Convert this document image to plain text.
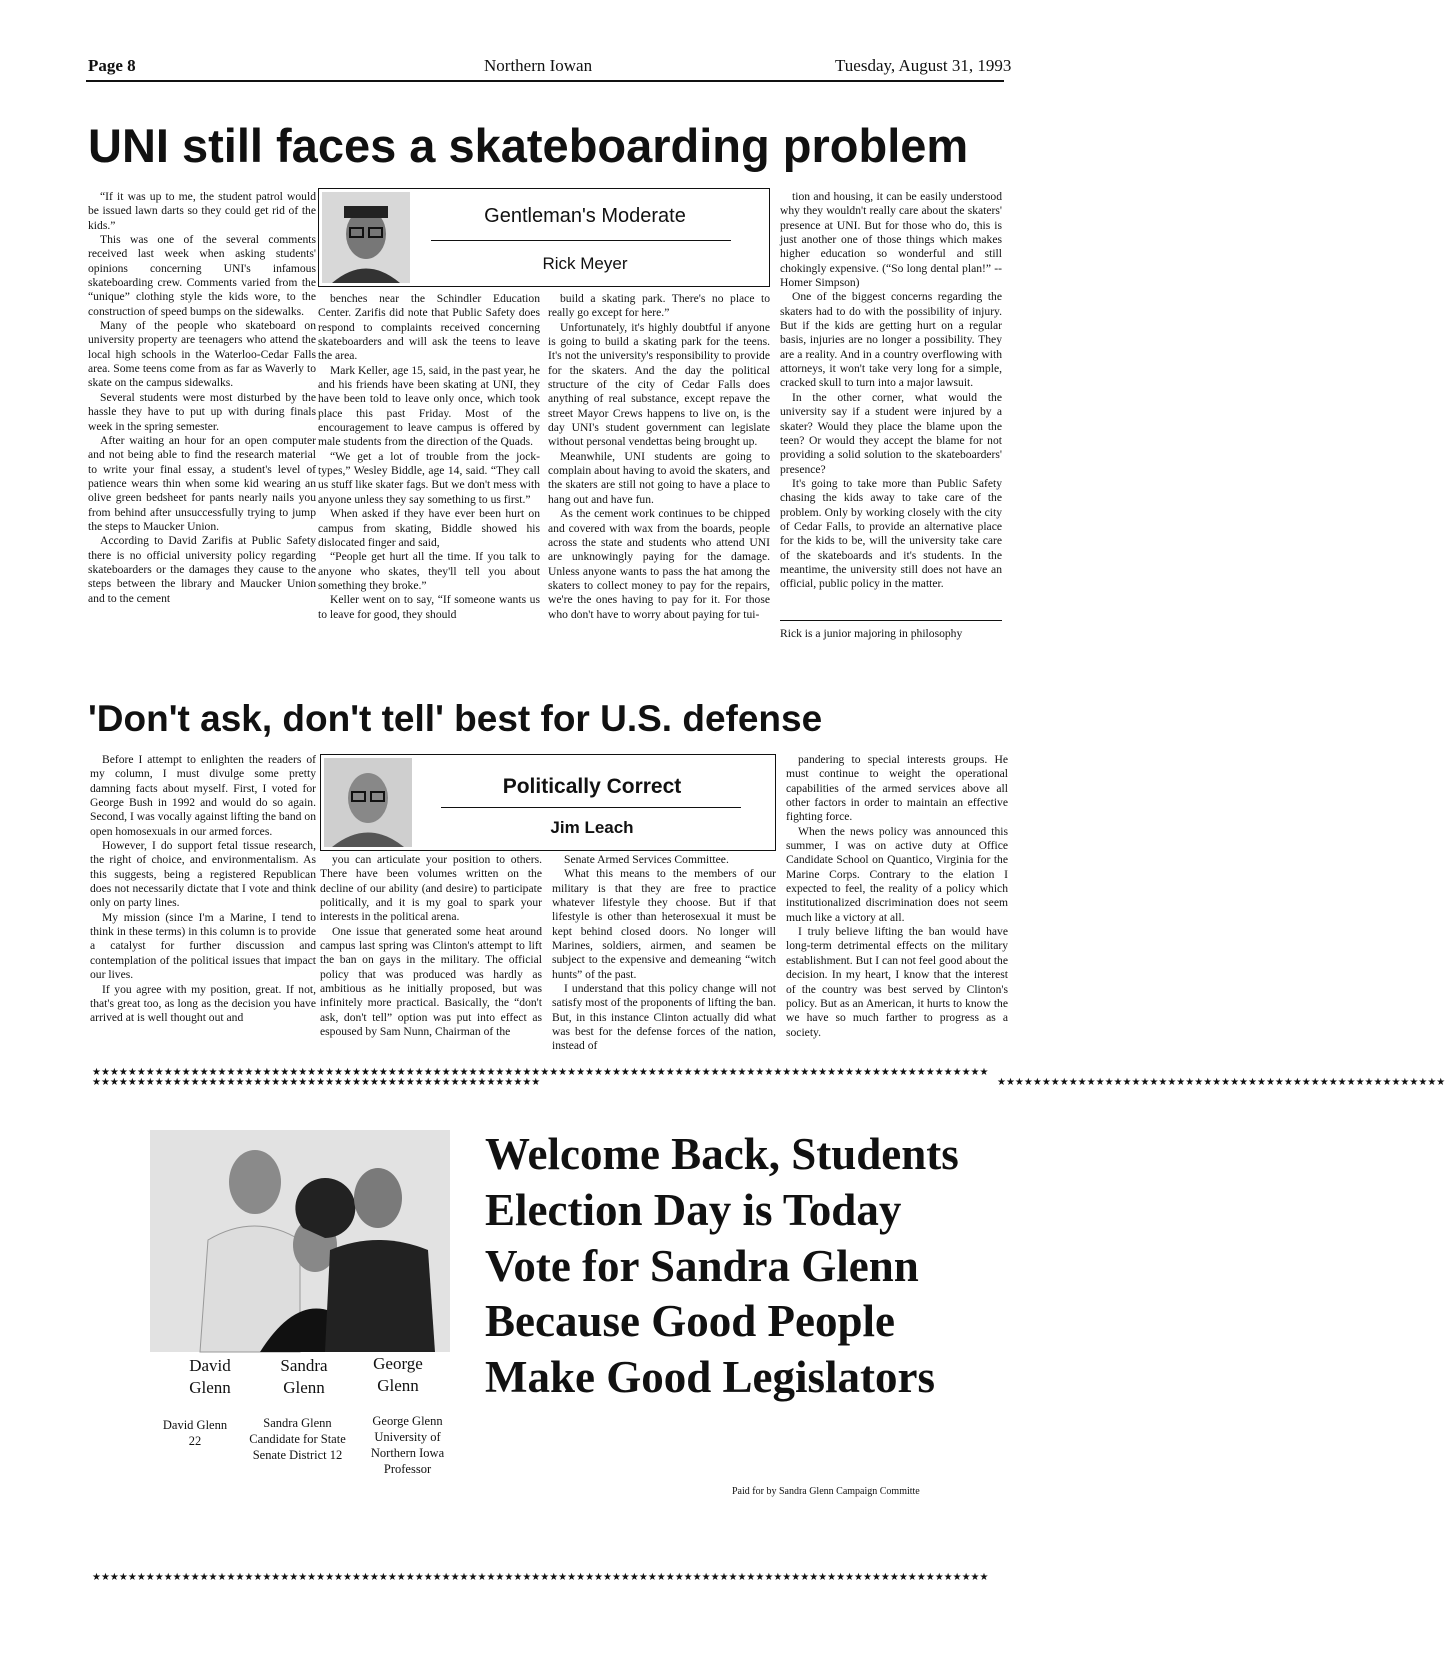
Page 8	Northern Iowan	Tuesday, August 31, 1993
UNI still faces a skateboarding problem

“If it was up to me, the student patrol would be issued lawn darts so they could get rid of the kids.”

This was one of the several comments received last week when asking students' opinions concerning UNI's infamous skateboarding crew. Comments varied from the “unique” clothing style the kids wore, to the construction of speed bumps on the sidewalks.

Many of the people who skateboard on university property are teenagers who attend the local high schools in the Waterloo-Cedar Falls area. Some teens come from as far as Waverly to skate on the campus sidewalks.

Several students were most disturbed by the hassle they have to put up with during finals week in the spring semester.

After waiting an hour for an open computer and not being able to find the research material to write your final essay, a student's level of patience wears thin when some kid wearing an olive green bedsheet for pants nearly nails you from behind after unsuccessfully trying to jump the steps to Maucker Union.

According to David Zarifis at Public Safety there is no official university policy regarding skateboarders or the damages they cause to the steps between the library and Maucker Union and to the cement

Gentleman's Moderate
Rick Meyer

benches near the Schindler Education Center. Zarifis did note that Public Safety does respond to complaints received concerning skateboarders and will ask the teens to leave the area.

Mark Keller, age 15, said, in the past year, he and his friends have been skating at UNI, they have been told to leave only once, which took place this past Friday. Most of the encouragement to leave campus is offered by male students from the direction of the Quads.

“We get a lot of trouble from the jock-types,” Wesley Biddle, age 14, said. “They call us stuff like skater fags. But we don't mess with anyone unless they say something to us first.”

When asked if they have ever been hurt on campus from skating, Biddle showed his dislocated finger and said,

“People get hurt all the time. If you talk to anyone who skates, they'll tell you about something they broke.”

Keller went on to say, “If someone wants us to leave for good, they should

build a skating park. There's no place to really go except for here.”

Unfortunately, it's highly doubtful if anyone is going to build a skating park for the teens. It's not the university's responsibility to provide for the skaters. And the day the political structure of the city of Cedar Falls does anything of real substance, except repave the street Mayor Crews happens to live on, is the day UNI's student government can legislate without personal vendettas being brought up.

Meanwhile, UNI students are going to complain about having to avoid the skaters, and the skaters are still not going to have a place to hang out and have fun.

As the cement work continues to be chipped and covered with wax from the boards, people across the state and students who attend UNI are unknowingly paying for the damage. Unless anyone wants to pass the hat among the skaters to collect money to pay for the repairs, we're the ones having to pay for it. For those who don't have to worry about paying for tui-

tion and housing, it can be easily understood why they wouldn't really care about the skaters' presence at UNI. But for those who do, this is just another one of those things which makes higher education so wonderful and still chokingly expensive. (“So long dental plan!” -- Homer Simpson)

One of the biggest concerns regarding the skaters had to do with the possibility of injury. But if the kids are getting hurt on a regular basis, injuries are no longer a possibility. They are a reality. And in a country overflowing with attorneys, it won't take very long for a simple, cracked skull to turn into a major lawsuit.

In the other corner, what would the university say if a student were injured by a skater? Would they place the blame upon the teen? Or would they accept the blame for not providing a solid solution to the skateboarders' presence?

It's going to take more than Public Safety chasing the kids away to take care of the problem. Only by working closely with the city of Cedar Falls, to provide an alternative place for the kids to be, will the university take care of the skateboards and it's students. In the meantime, the university still does not have an official, public policy in the matter.

Rick is a junior majoring in philosophy
'Don't ask, don't tell' best for U.S. defense

Before I attempt to enlighten the readers of my column, I must divulge some pretty damning facts about myself. First, I voted for George Bush in 1992 and would do so again. Second, I was vocally against lifting the band on open homosexuals in our armed forces.

However, I do support fetal tissue research, the right of choice, and environmentalism. As this suggests, being a registered Republican does not necessarily dictate that I vote and think only on party lines.

My mission (since I'm a Marine, I tend to think in these terms) in this column is to provide a catalyst for further discussion and contemplation of the political issues that impact our lives.

If you agree with my position, great. If not, that's great too, as long as the decision you have arrived at is well thought out and

Politically Correct
Jim Leach

you can articulate your position to others. There have been volumes written on the decline of our ability (and desire) to participate politically, and it is my goal to spark your interests in the political arena.

One issue that generated some heat around campus last spring was Clinton's attempt to lift the ban on gays in the military. The official policy that was produced was hardly as ambitious as he initially proposed, but was infinitely more practical. Basically, the “don't ask, don't tell” option was put into effect as espoused by Sam Nunn, Chairman of the

Senate Armed Services Committee.

What this means to the members of our military is that they are free to practice whatever lifestyle they choose. But if that lifestyle is other than heterosexual it must be kept behind closed doors. No longer will Marines, soldiers, airmen, and seamen be subject to the expensive and demeaning “witch hunts” of the past.

I understand that this policy change will not satisfy most of the proponents of lifting the ban. But, in this instance Clinton actually did what was best for the defense forces of the nation, instead of

pandering to special interests groups. He must continue to weight the operational capabilities of the armed services above all other factors in order to maintain an effective fighting force.

When the news policy was announced this summer, I was on active duty at Office Candidate School on Quantico, Virginia for the Marine Corps. Contrary to the elation I expected to feel, the reality of a policy which institutionalized discrimination does not seem much like a victory at all.

I truly believe lifting the ban would have long-term detrimental effects on the military establishment. But I can not feel good about the decision. In my heart, I know that the interest of the country was best served by Clinton's policy. But as an American, it hurts to know the we have so much farther to progress as a society.

★★★★★★★★★★★★★★★★★★★★★★★★★★★★★★★★★★★★★★★★★★★★★★★★★★★★★★★★★★★★★★★★★★★★★★★★★★★★★★★★★★★★★★★★★★★★★★★★★★★★
★★★★★★★★★★★★★★★★★★★★★★★★★★★★★★★★★★★★★★★★★★★★★★★★★★★★★★★★★★★★★★★★★★★★★★★★★★★★★★★★★★★★★★★★★★★★★★★★★★★★
★★★★★★★★★★★★★★★★★★★★★★★★★★★★★★★★★★★★★★★★★★★★★★★★★★	★★★★★★★★★★★★★★★★★★★★★★★★★★★★★★★★★★★★★★★★★★★★★★★★★★
David
Glenn
Sandra
Glenn
George
Glenn
David Glenn
22
Sandra Glenn
Candidate for State
Senate District 12
George Glenn
University of
Northern Iowa
Professor
Paid for by Sandra Glenn Campaign Committe
Welcome Back, Students
Election Day is Today
Vote for Sandra Glenn
Because Good People
Make Good Legislators
